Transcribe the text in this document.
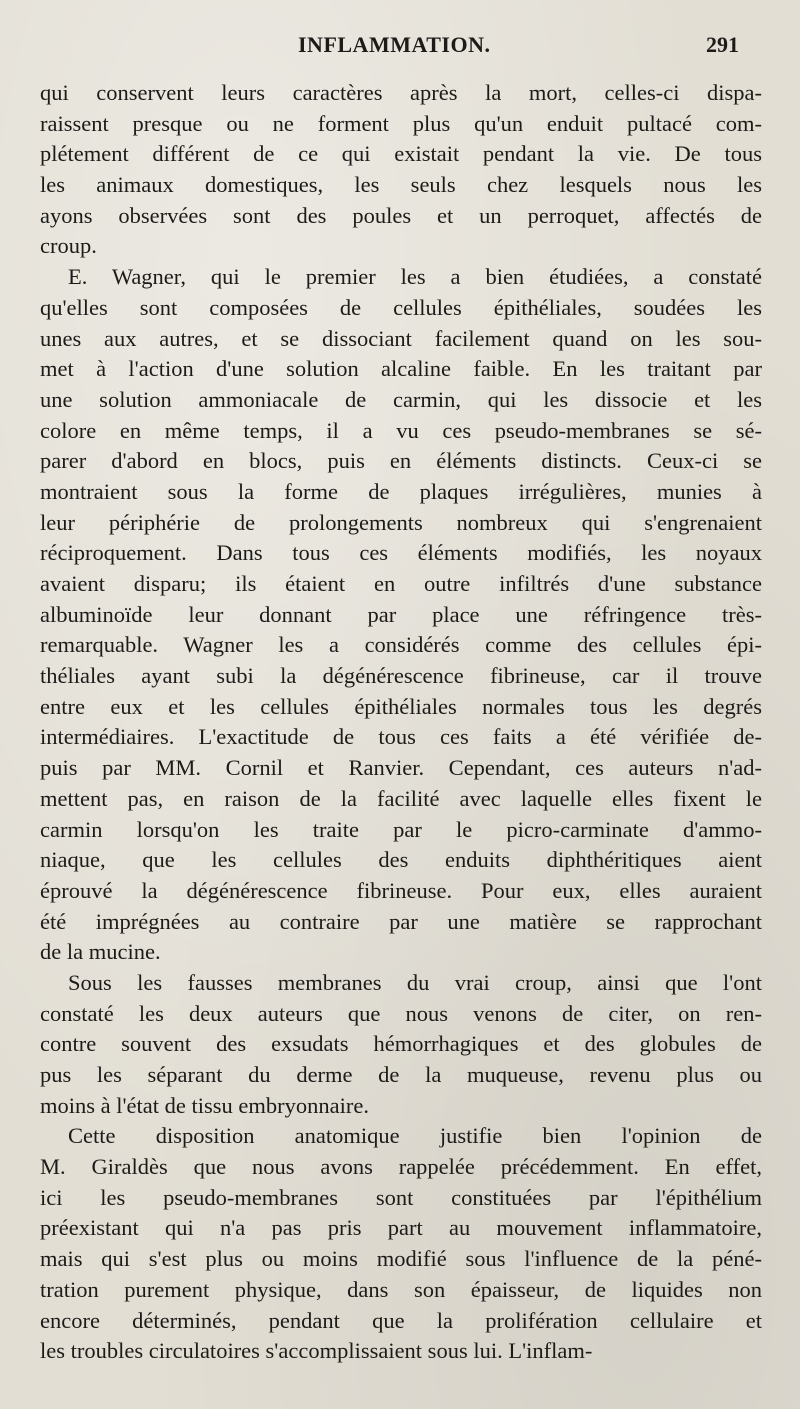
INFLAMMATION.	291
qui conservent leurs caractères après la mort, celles-ci dispa-
raissent presque ou ne forment plus qu'un enduit pultacé com-
plétement différent de ce qui existait pendant la vie. De tous
les animaux domestiques, les seuls chez lesquels nous les
ayons observées sont des poules et un perroquet, affectés de
croup.
E. Wagner, qui le premier les a bien étudiées, a constaté
qu'elles sont composées de cellules épithéliales, soudées les
unes aux autres, et se dissociant facilement quand on les sou-
met à l'action d'une solution alcaline faible. En les traitant par
une solution ammoniacale de carmin, qui les dissocie et les
colore en même temps, il a vu ces pseudo-membranes se sé-
parer d'abord en blocs, puis en éléments distincts. Ceux-ci se
montraient sous la forme de plaques irrégulières, munies à
leur périphérie de prolongements nombreux qui s'engrenaient
réciproquement. Dans tous ces éléments modifiés, les noyaux
avaient disparu; ils étaient en outre infiltrés d'une substance
albuminoïde leur donnant par place une réfringence très-
remarquable. Wagner les a considérés comme des cellules épi-
théliales ayant subi la dégénérescence fibrineuse, car il trouve
entre eux et les cellules épithéliales normales tous les degrés
intermédiaires. L'exactitude de tous ces faits a été vérifiée de-
puis par MM. Cornil et Ranvier. Cependant, ces auteurs n'ad-
mettent pas, en raison de la facilité avec laquelle elles fixent le
carmin lorsqu'on les traite par le picro-carminate d'ammo-
niaque, que les cellules des enduits diphthéritiques aient
éprouvé la dégénérescence fibrineuse. Pour eux, elles auraient
été imprégnées au contraire par une matière se rapprochant
de la mucine.
Sous les fausses membranes du vrai croup, ainsi que l'ont
constaté les deux auteurs que nous venons de citer, on ren-
contre souvent des exsudats hémorrhagiques et des globules de
pus les séparant du derme de la muqueuse, revenu plus ou
moins à l'état de tissu embryonnaire.
Cette disposition anatomique justifie bien l'opinion de
M. Giraldès que nous avons rappelée précédemment. En effet,
ici les pseudo-membranes sont constituées par l'épithélium
préexistant qui n'a pas pris part au mouvement inflammatoire,
mais qui s'est plus ou moins modifié sous l'influence de la péné-
tration purement physique, dans son épaisseur, de liquides non
encore déterminés, pendant que la prolifération cellulaire et
les troubles circulatoires s'accomplissaient sous lui. L'inflam-
